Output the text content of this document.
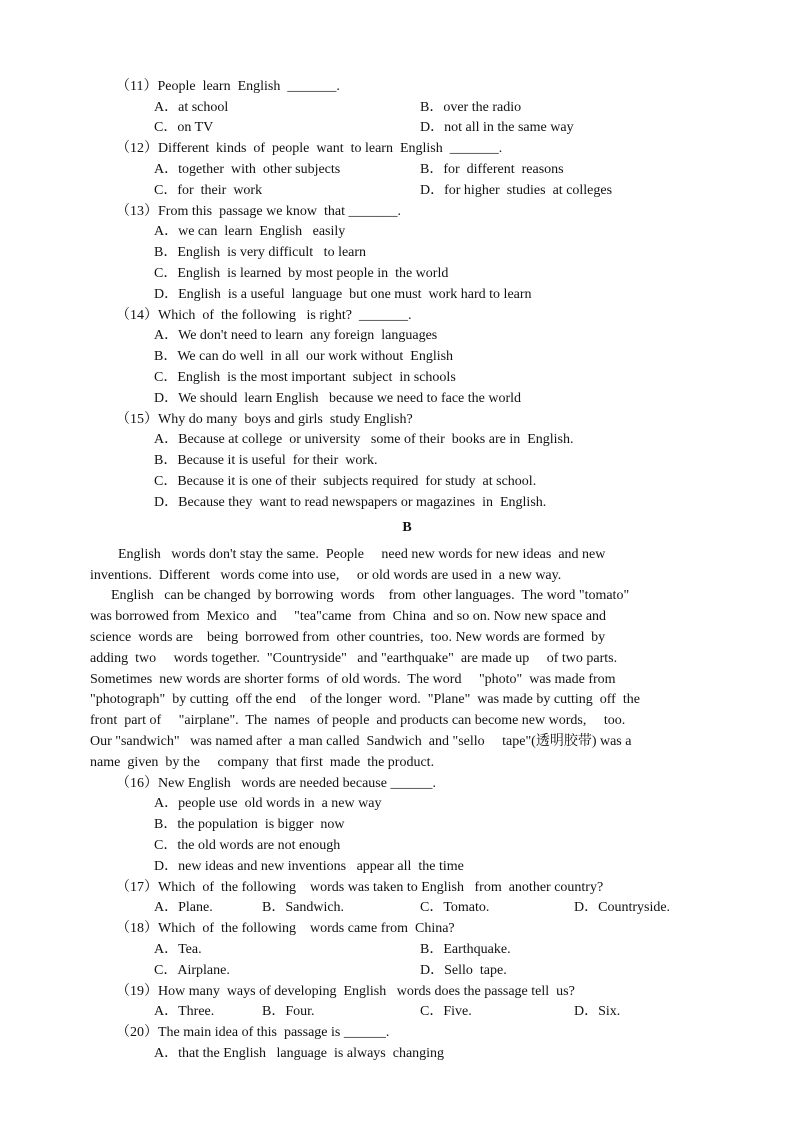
（11）People  learn  English  _______.
A．at school	B．over the radio
C．on TV	D．not all in the same way
（12）Different  kinds  of  people  want  to learn  English  _______.
A．together  with  other subjects	B．for  different  reasons
C．for  their  work	D．for higher  studies  at colleges
（13）From this  passage we know  that _______.
A．we can  learn  English   easily
B．English  is very difficult   to learn
C．English  is learned  by most people in  the world
D．English  is a useful  language  but one must  work hard to learn
（14）Which  of  the following   is right?  _______.
A．We don't need to learn  any foreign  languages
B．We can do well  in all  our work without  English
C．English  is the most important  subject  in schools
D．We should  learn English   because we need to face the world
（15）Why do many  boys and girls  study English?
A．Because at college  or university   some of their  books are in  English.
B．Because it is useful  for their  work.
C．Because it is one of their  subjects required  for study  at school.
D．Because they  want to read newspapers or magazines  in  English.
B
English   words don't stay the same.  People     need new words for new ideas  and new
inventions.  Different   words come into use,     or old words are used in  a new way.
English   can be changed  by borrowing  words    from  other languages.  The word "tomato"
was borrowed from  Mexico  and     "tea"came  from  China  and so on. Now new space and
science  words are    being  borrowed from  other countries,  too. New words are formed  by
adding  two     words together.  "Countryside"   and "earthquake"  are made up     of two parts.
Sometimes  new words are shorter forms  of old words.  The word     "photo"  was made from
"photograph"  by cutting  off the end    of the longer  word.  "Plane"  was made by cutting  off  the
front  part of     "airplane".  The  names  of people  and products can become new words,     too.
Our "sandwich"   was named after  a man called  Sandwich  and "sello     tape"(透明胶带) was a
name  given  by the     company  that first  made  the product.
（16）New English   words are needed because ______.
A．people use  old words in  a new way
B．the population  is bigger  now
C．the old words are not enough
D．new ideas and new inventions   appear all  the time
（17）Which  of  the following    words was taken to English   from  another country?
A．Plane.	B．Sandwich.	C．Tomato.	D．Countryside.
（18）Which  of  the following    words came from  China?
A．Tea.	B．Earthquake.
C．Airplane.	D．Sello  tape.
（19）How many  ways of developing  English   words does the passage tell  us?
A．Three.	B．Four.	C．Five.	D．Six.
（20）The main idea of this  passage is ______.
A．that the English   language  is always  changing
